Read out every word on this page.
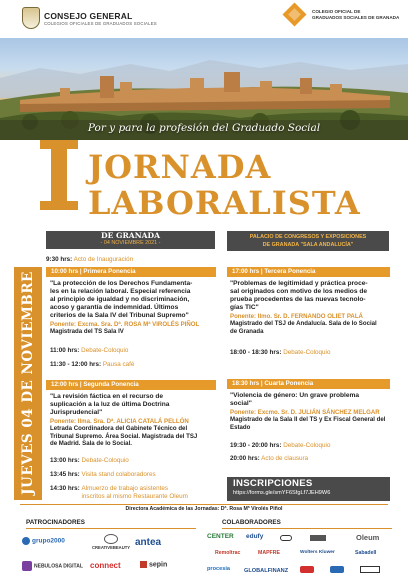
CONSEJO GENERAL
COLEGIOS OFICIALES DE GRADUADOS SOCIALES
COLEGIO OFICIAL DE
GRADUADOS SOCIALES DE GRANADA
Por y para la profesión del Graduado Social
JORNADA
LABORALISTA
DE GRANADA
- 04 NOVIEMBRE 2021 -
PALACIO DE CONGRESOS Y EXPOSICIONES
DE GRANADA "SALA ANDALUCÍA"
JUEVES 04 DE NOVIEMBRE
9:30 hrs: Acto de Inauguración
10:00 hrs | Primera Ponencia
"La protección de los Derechos Fundamenta-
les en la relación laboral. Especial referencia
al principio de igualdad y no discriminación,
acoso y garantía de indemnidad. Últimos
criterios de la Sala IV del Tribunal Supremo"
Ponente: Excma. Sra. Dª. ROSA Mª VIROLÉS PIÑOL
Magistrada del TS Sala IV
11:00 hrs: Debate-Coloquio
11:30 - 12:00 hrs: Pausa café
12:00 hrs | Segunda Ponencia
"La revisión fáctica en el recurso de
suplicación a la luz de última Doctrina
Jurisprudencial"
Ponente: Ilma. Sra. Dª. ALICIA CATALÁ PELLÓN
Letrada Coordinadora del Gabinete Técnico del
Tribunal Supremo. Área Social. Magistrada del TSJ
de Madrid. Sala de lo Social.
13:00 hrs: Debate-Coloquio
13:45 hrs: Visita stand colaboradores
14:30 hrs: Almuerzo de trabajo asistentes
inscritos al mismo Restaurante Oleum
17:00 hrs | Tercera Ponencia
"Problemas de legitimidad y práctica proce-
sal originados con motivo de los medios de
prueba procedentes de las nuevas tecnolo-
gías TIC"
Ponente: Ilmo. Sr. D. FERNANDO OLIET PALÁ
Magistrado del TSJ de Andalucía. Sala de lo Social
de Granada
18:00 - 18:30 hrs: Debate-Coloquio
18:30 hrs | Cuarta Ponencia
"Violencia de género: Un grave problema
social"
Ponente: Excmo. Sr. D. JULIÁN SÁNCHEZ MELGAR
Magistrado de la Sala II del TS y Ex Fiscal General del
Estado
19:30 - 20:00 hrs: Debate-Coloquio
20:00 hrs: Acto de clausura
INSCRIPCIONES
https://forms.gle/smYF6SfgLf7JEH9W6
Directora Académica de las Jornadas: Dª. Rosa Mª Virolés Piñol
PATROCINADORES	COLABORADORES
grupo2000
CREATIVEBEAUTY antea
NEBULOSA DIGITAL connect	sepin
CENTER edufy	Oleum
Remoltrac	MAPFRE	Wolters Kluwer	Sabadell
procesia GLOBALFINANZ
